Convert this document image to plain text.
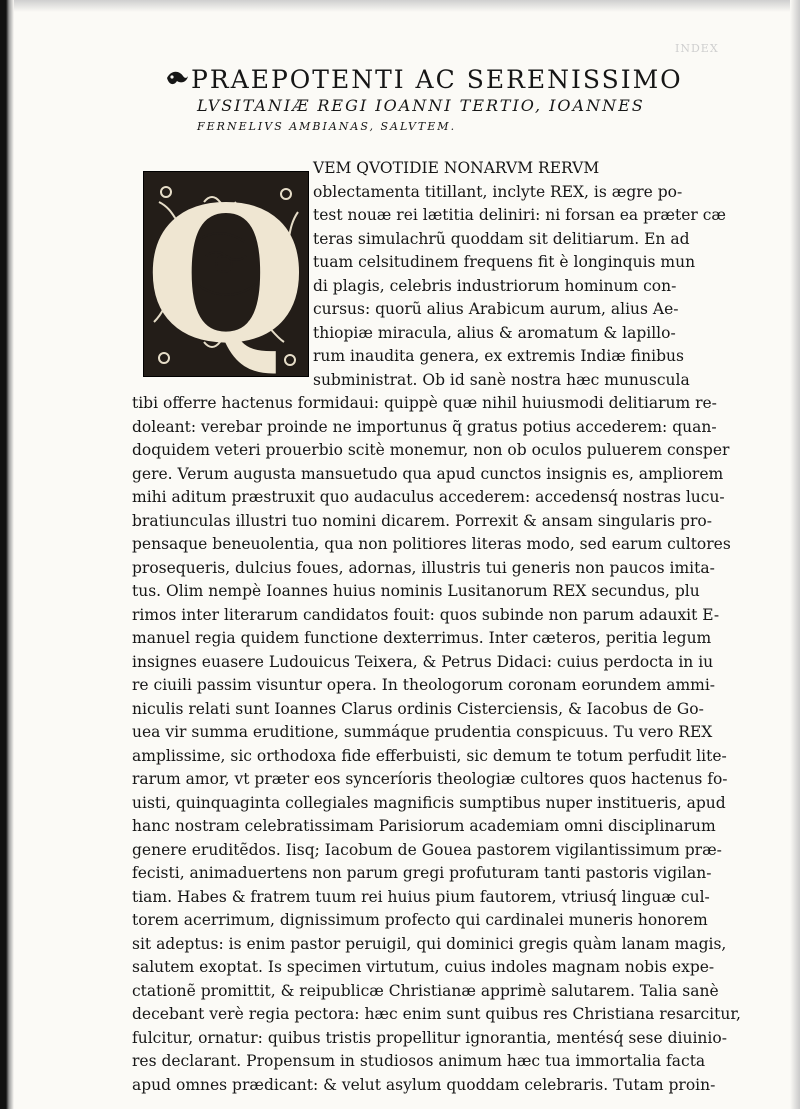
INDEX
PRAEPOTENTI AC SERENISSIMO
LVSITANIÆ REGI IOANNI TERTIO, IOANNES
FERNELIVS AMBIANAS, SALVTEM.
Q VEM QVOTIDIE NONARVM RERVM
oblectamenta titillant, inclyte REX, is ægre po-
test nouæ rei lætitia deliniri: ni forsan ea præter cæ
teras simulachrũ quoddam sit delitiarum. En ad
tuam celsitudinem frequens fit è longinquis mun
di plagis, celebris industriorum hominum con-
cursus: quorũ alius Arabicum aurum, alius Ae-
thiopiæ miracula, alius & aromatum & lapillo-
rum inaudita genera, ex extremis Indiæ finibus
subministrat. Ob id sanè nostra hæc munuscula
tibi offerre hactenus formidaui: quippè quæ nihil huiusmodi delitiarum re-
doleant: verebar proinde ne importunus q̃ gratus potius accederem: quan-
doquidem veteri prouerbio scitè monemur, non ob oculos puluerem consper
gere. Verum augusta mansuetudo qua apud cunctos insignis es, ampliorem
mihi aditum præstruxit quo audaculus accederem: accedensq́ nostras lucu-
bratiunculas illustri tuo nomini dicarem. Porrexit & ansam singularis pro-
pensaque beneuolentia, qua non politiores literas modo, sed earum cultores
prosequeris, dulcius foues, adornas, illustris tui generis non paucos imita-
tus. Olim nempè Ioannes huius nominis Lusitanorum REX secundus, plu
rimos inter literarum candidatos fouit: quos subinde non parum adauxit E-
manuel regia quidem functione dexterrimus. Inter cæteros, peritia legum
insignes euasere Ludouicus Teixera, & Petrus Didaci: cuius perdocta in iu
re ciuili passim visuntur opera. In theologorum coronam eorundem ammi-
niculis relati sunt Ioannes Clarus ordinis Cisterciensis, & Iacobus de Go-
uea vir summa eruditione, summáque prudentia conspicuus. Tu vero REX
amplissime, sic orthodoxa fide efferbuisti, sic demum te totum perfudit lite-
rarum amor, vt præter eos synceríoris theologiæ cultores quos hactenus fo-
uisti, quinquaginta collegiales magnificis sumptibus nuper institueris, apud
hanc nostram celebratissimam Parisiorum academiam omni disciplinarum
genere eruditẽdos. Iisq; Iacobum de Gouea pastorem vigilantissimum præ-
fecisti, animaduertens non parum gregi profuturam tanti pastoris vigilan-
tiam. Habes & fratrem tuum rei huius pium fautorem, vtriusq́ linguæ cul-
torem acerrimum, dignissimum profecto qui cardinalei muneris honorem
sit adeptus: is enim pastor peruigil, qui dominici gregis quàm lanam magis,
salutem exoptat. Is specimen virtutum, cuius indoles magnam nobis expe-
ctationẽ promittit, & reipublicæ Christianæ apprimè salutarem. Talia sanè
decebant verè regia pectora: hæc enim sunt quibus res Christiana resarcitur,
fulcitur, ornatur: quibus tristis propellitur ignorantia, mentésq́ sese diuinio-
res declarant. Propensum in studiosos animum hæc tua immortalia facta
apud omnes prædicant: & velut asylum quoddam celebraris. Tutam proin-
